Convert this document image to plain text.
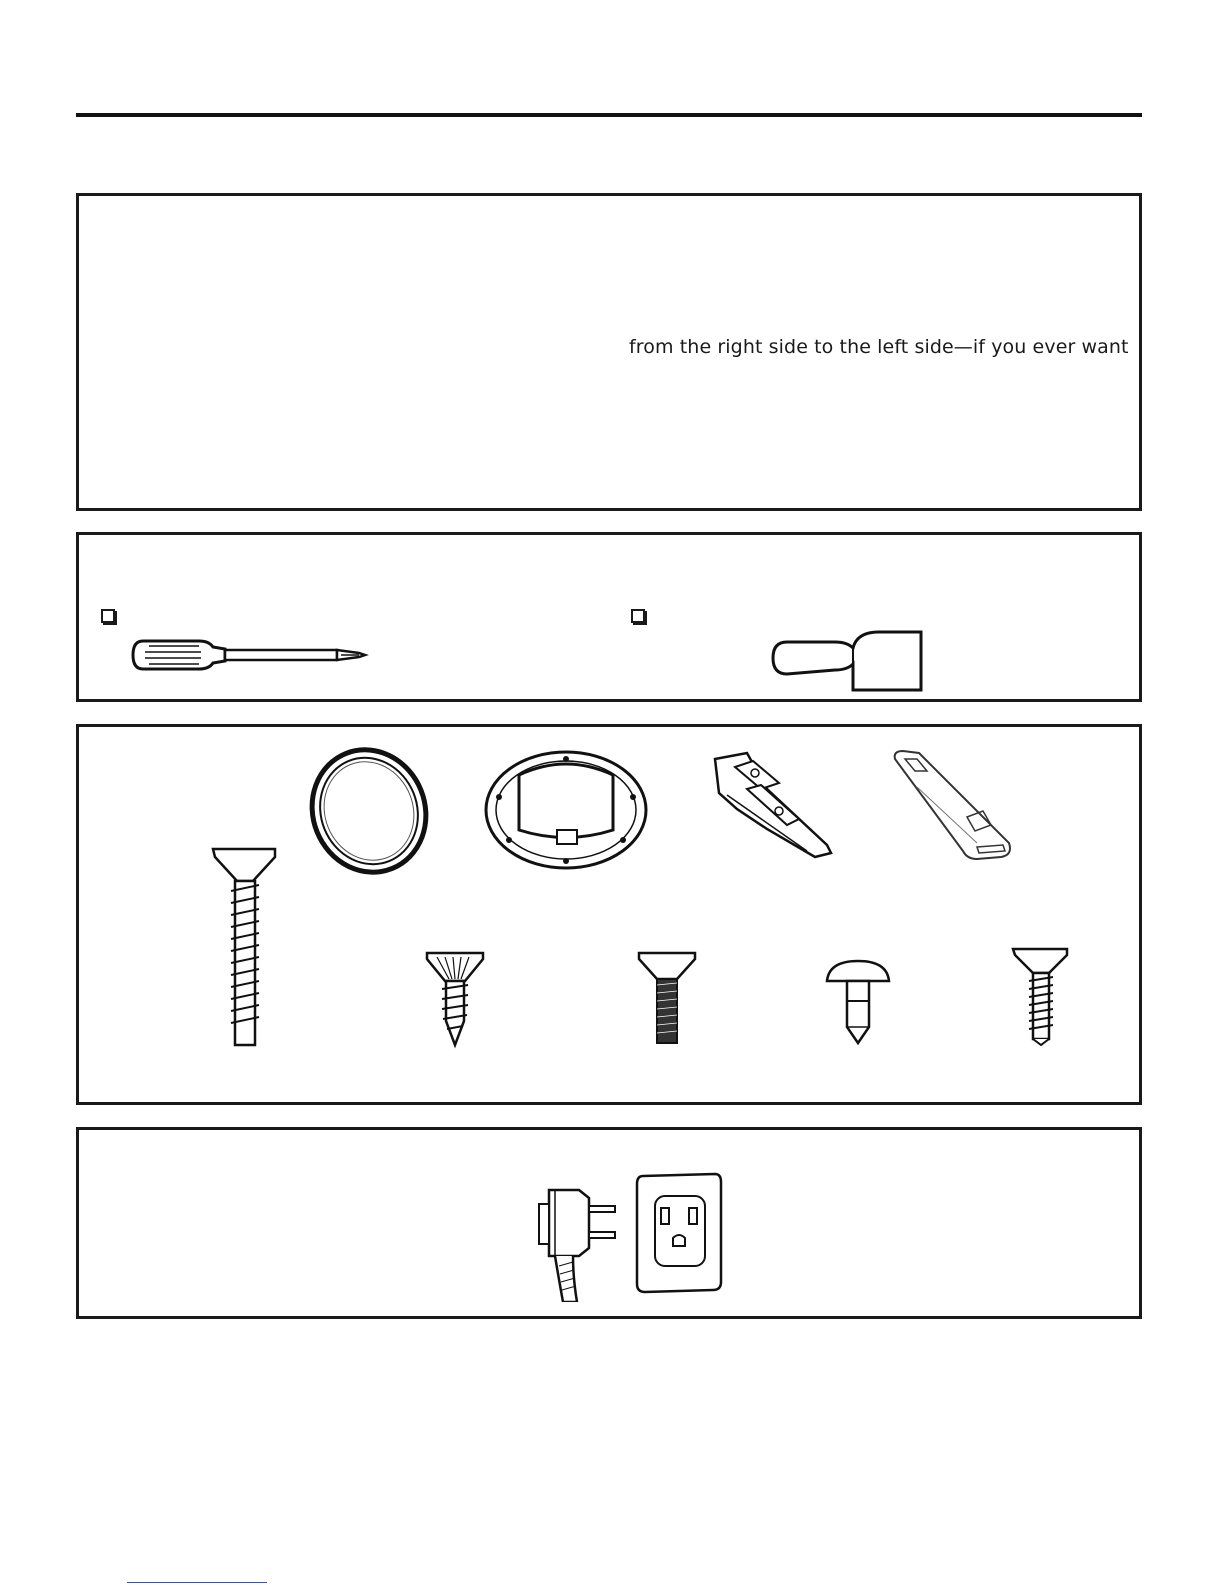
from the right side to the left side—if you ever want
